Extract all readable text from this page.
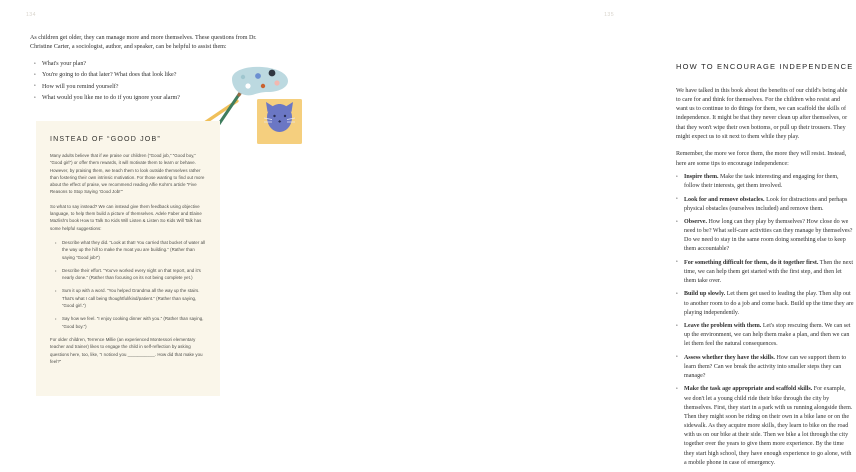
134
As children get older, they can manage more and more themselves. These questions from Dr. Christine Carter, a sociologist, author, and speaker, can be helpful to assist them:
• What's your plan?
• You're going to do that later? What does that look like?
• How will you remind yourself?
• What would you like me to do if you ignore your alarm?
INSTEAD OF “GOOD JOB”

Many adults believe that if we praise our children (“Good job,” “Good boy,” “Good girl”) or offer them rewards, it will motivate them to learn or behave. However, by praising them, we teach them to look outside themselves rather than fostering their own intrinsic motivation. For those wanting to find out more about the effect of praise, we recommend reading Alfie Kohn's article “Five Reasons to Stop Saying ‘Good Job!’”

So what to say instead? We can instead give them feedback using objective language, to help them build a picture of themselves. Adele Faber and Elaine Mazlish's book How to Talk So Kids Will Listen & Listen So Kids Will Talk has some helpful suggestions:

• Describe what they did. “Look at that! You carried that bucket of water all the way up the hill to make the moat you are building.” (Rather than saying “Good job!”)
• Describe their effort. “You've worked every night on that report, and it's nearly done.” (Rather than focusing on its not being complete yet.)
• Sum it up with a word. “You helped Grandma all the way up the stairs. That's what I call being thoughtful/kind/patient.” (Rather than saying, “Good girl.”)
• Say how we feel. “I enjoy cooking dinner with you.” (Rather than saying, “Good boy.”)

For older children, Terrence Millie (an experienced Montessori elementary teacher and trainer) likes to engage the child in self-reflection by asking questions here, too, like, “I noticed you ___________. How did that make you feel?”

135
HOW TO ENCOURAGE INDEPENDENCE

We have talked in this book about the benefits of our child's being able to care for and think for themselves. For the children who resist and want us to continue to do things for them, we can scaffold the skills of independence. It might be that they never clean up after themselves, or that they won't wipe their own bottoms, or pull up their trousers. They might expect us to sit next to them while they play.

Remember, the more we force them, the more they will resist. Instead, here are some tips to encourage independence:

• Inspire them. Make the task interesting and engaging for them, follow their interests, get them involved.
• Look for and remove obstacles. Look for distractions and perhaps physical obstacles (ourselves included) and remove them.
• Observe. How long can they play by themselves? How close do we need to be? What self-care activities can they manage by themselves? Do we need to stay in the same room doing something else to keep them accountable?
• For something difficult for them, do it together first. Then the next time, we can help them get started with the first step, and then let them take over.
• Build up slowly. Let them get used to leading the play. Then slip out to another room to do a job and come back. Build up the time they are playing independently.
• Leave the problem with them. Let's stop rescuing them. We can set up the environment, we can help them make a plan, and then we can let them feel the natural consequences.
• Assess whether they have the skills. How can we support them to learn them? Can we break the activity into smaller steps they can manage?
• Make the task age appropriate and scaffold skills. For example, we don't let a young child ride their bike through the city by themselves. First, they start in a park with us running alongside them. Then they might soon be riding on their own in a bike lane or on the sidewalk. As they acquire more skills, they learn to bike on the road with us on our bike at their side. Then we bike a lot through the city together over the years to give them more experience. By the time they start high school, they have enough experience to go alone, with a mobile phone in case of emergency.
